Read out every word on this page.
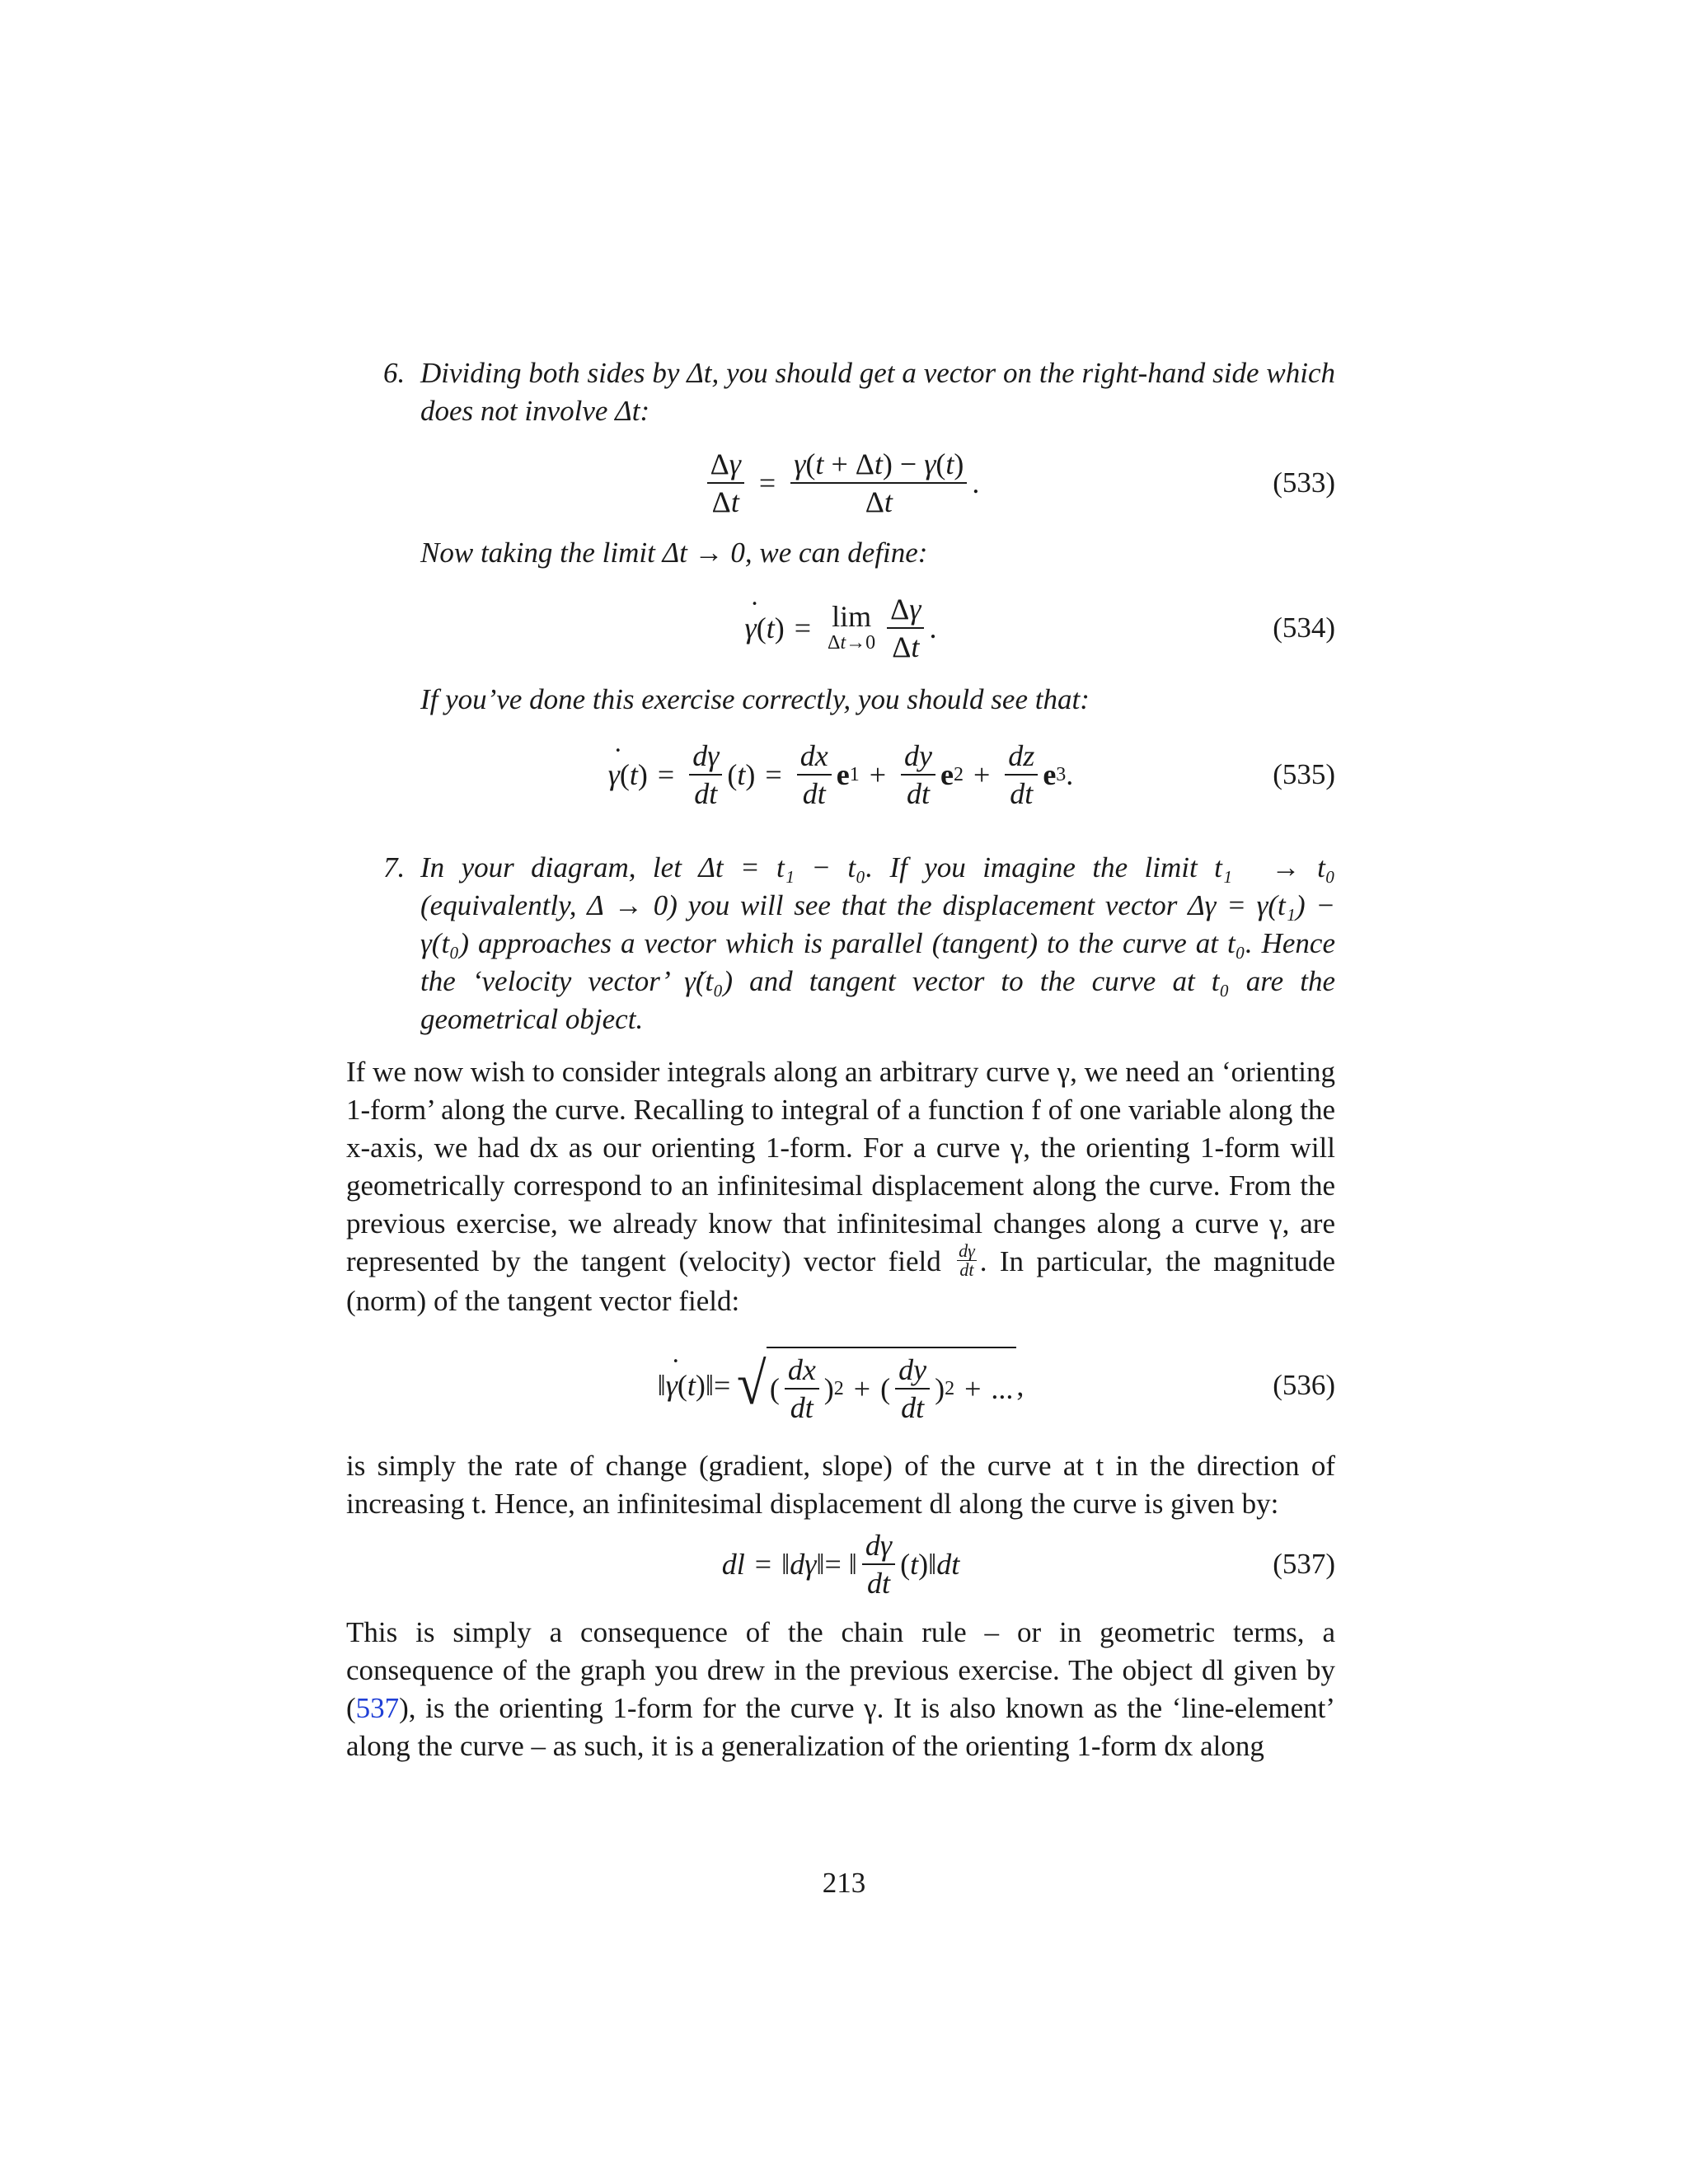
6. Dividing both sides by Δt, you should get a vector on the right-hand side which does not involve Δt:

$\frac{\Delta\gamma}{\Delta t} = \frac{\gamma(t + \Delta t) - \gamma(t)}{\Delta t}$ .	(533)

Now taking the limit Δt → 0, we can define:

˙ γ ( t ) = lim
$\Delta t\to 0 \frac{\Delta\gamma}{\Delta t}$ .	(534)

If you’ve done this exercise correctly, you should see that:

˙ γ ( t ) = $\frac{d\gamma}{dt}$ ( t ) = $\frac{dx}{dt}$ e $1 + \frac{dy}{dt}$ e $2 + \frac{dz}{dt}$ e 3 .	(535)
7. In your diagram, let Δt = t₁ − t₀. If you imagine the limit t₁ ⃗→ t₀ (equivalently, Δ → 0) you will see that the displacement vector Δγ = γ(t₁) − γ(t₀) approaches a vector which is parallel (tangent) to the curve at t₀. Hence the ‘velocity vector’ γ̇(t₀) and tangent vector to the curve at t₀ are the geometrical object.

If we now wish to consider integrals along an arbitrary curve γ, we need an ‘orienting 1-form’ along the curve. Recalling to integral of a function f of one variable along the x-axis, we had dx as our orienting 1-form. For a curve γ, the orienting 1-form will geometrically correspond to an infinitesimal displacement along the curve. From the previous exercise, we already know that infinitesimal changes along a curve γ, are represented by the tangent (velocity) vector field $\frac{d\gamma}{dt}$ . In particular, the magnitude (norm) of the tangent vector field:

‖
˙ γ ( t )‖= √ ( $\frac{dx}{dt}$ ) 2 + ( $\frac{dy}{dt}$ ) 2 + ... ,	(536)

is simply the rate of change (gradient, slope) of the curve at t in the direction of increasing t. Hence, an infinitesimal displacement dl along the curve is given by:

dl = ‖ dγ ‖= ‖ $\frac{d\gamma}{dt}$ ( t )‖ dt	(537)

This is simply a consequence of the chain rule – or in geometric terms, a consequence of the graph you drew in the previous exercise. The object dl given by (537), is the orienting 1-form for the curve γ. It is also known as the ‘line-element’ along the curve – as such, it is a generalization of the orienting 1-form dx along

213
